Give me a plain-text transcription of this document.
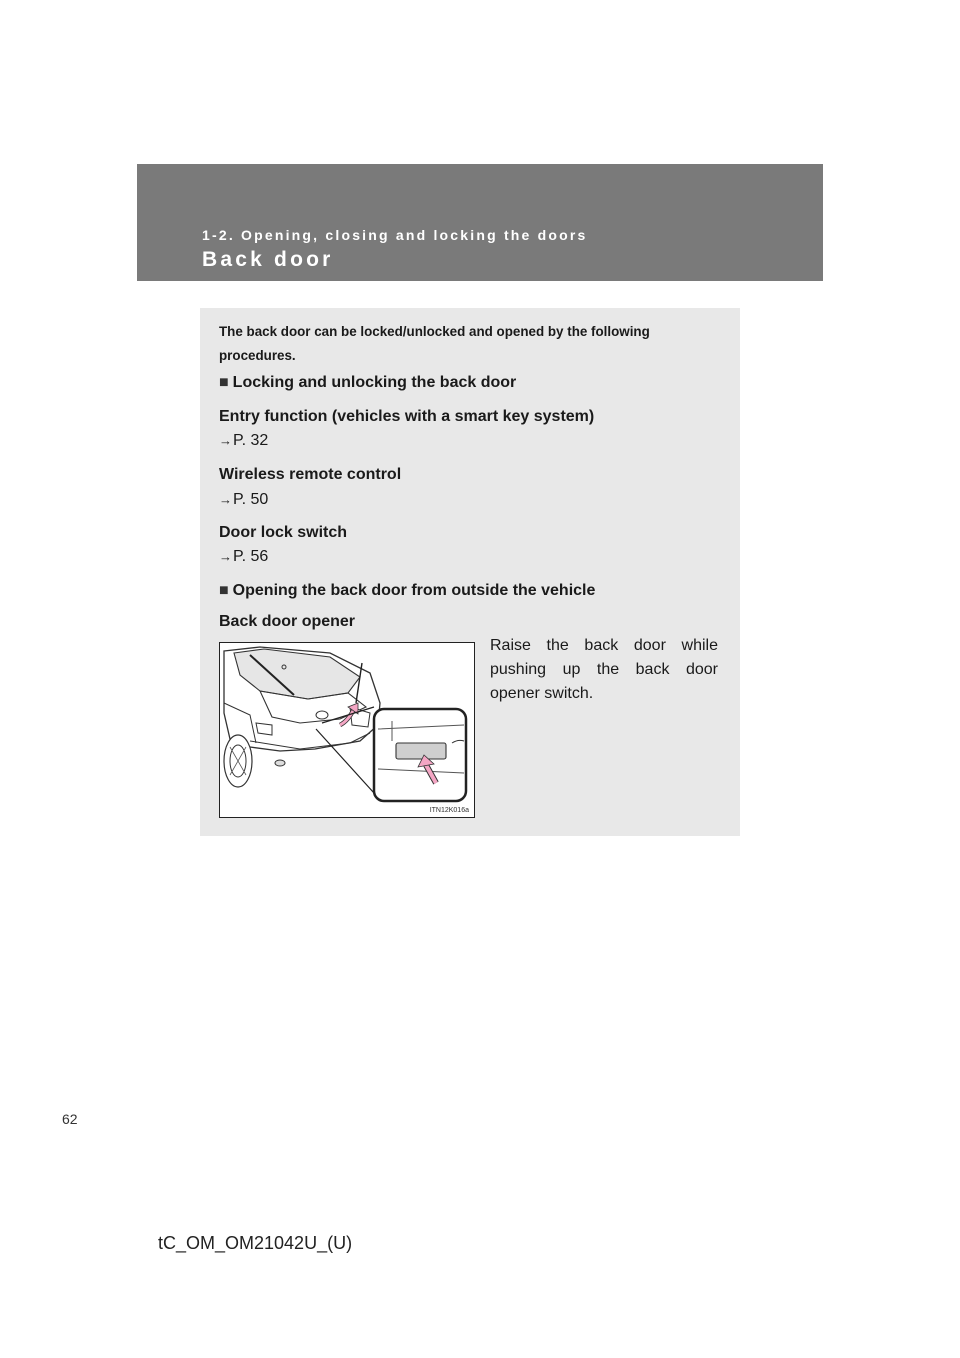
1-2. Opening, closing and locking the doors
Back door
The back door can be locked/unlocked and opened by the following procedures.
■ Locking and unlocking the back door
Entry function (vehicles with a smart key system)
→P. 32
Wireless remote control
→P. 50
Door lock switch
→P. 56
■ Opening the back door from outside the vehicle
Back door opener
ITN12K016a
Raise the back door while pushing up the back door opener switch.
62
tC_OM_OM21042U_(U)
